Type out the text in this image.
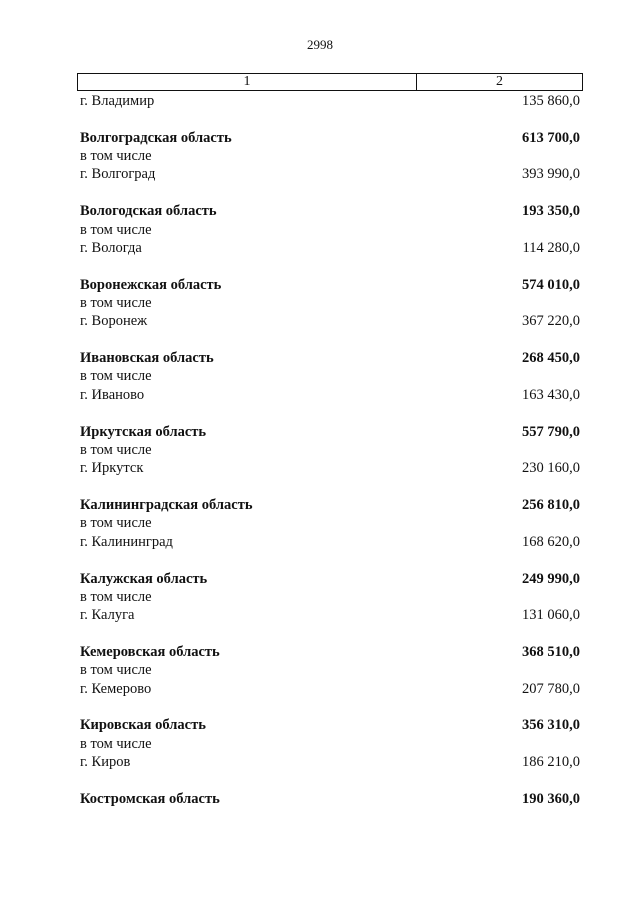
2998
1	2
г. Владимир	135 860,0
Волгоградская область	613 700,0
в том числе
г. Волгоград	393 990,0
Вологодская область	193 350,0
в том числе
г. Вологда	114 280,0
Воронежская область	574 010,0
в том числе
г. Воронеж	367 220,0
Ивановская область	268 450,0
в том числе
г. Иваново	163 430,0
Иркутская область	557 790,0
в том числе
г. Иркутск	230 160,0
Калининградская область	256 810,0
в том числе
г. Калининград	168 620,0
Калужская область	249 990,0
в том числе
г. Калуга	131 060,0
Кемеровская область	368 510,0
в том числе
г. Кемерово	207 780,0
Кировская область	356 310,0
в том числе
г. Киров	186 210,0
Костромская область	190 360,0
